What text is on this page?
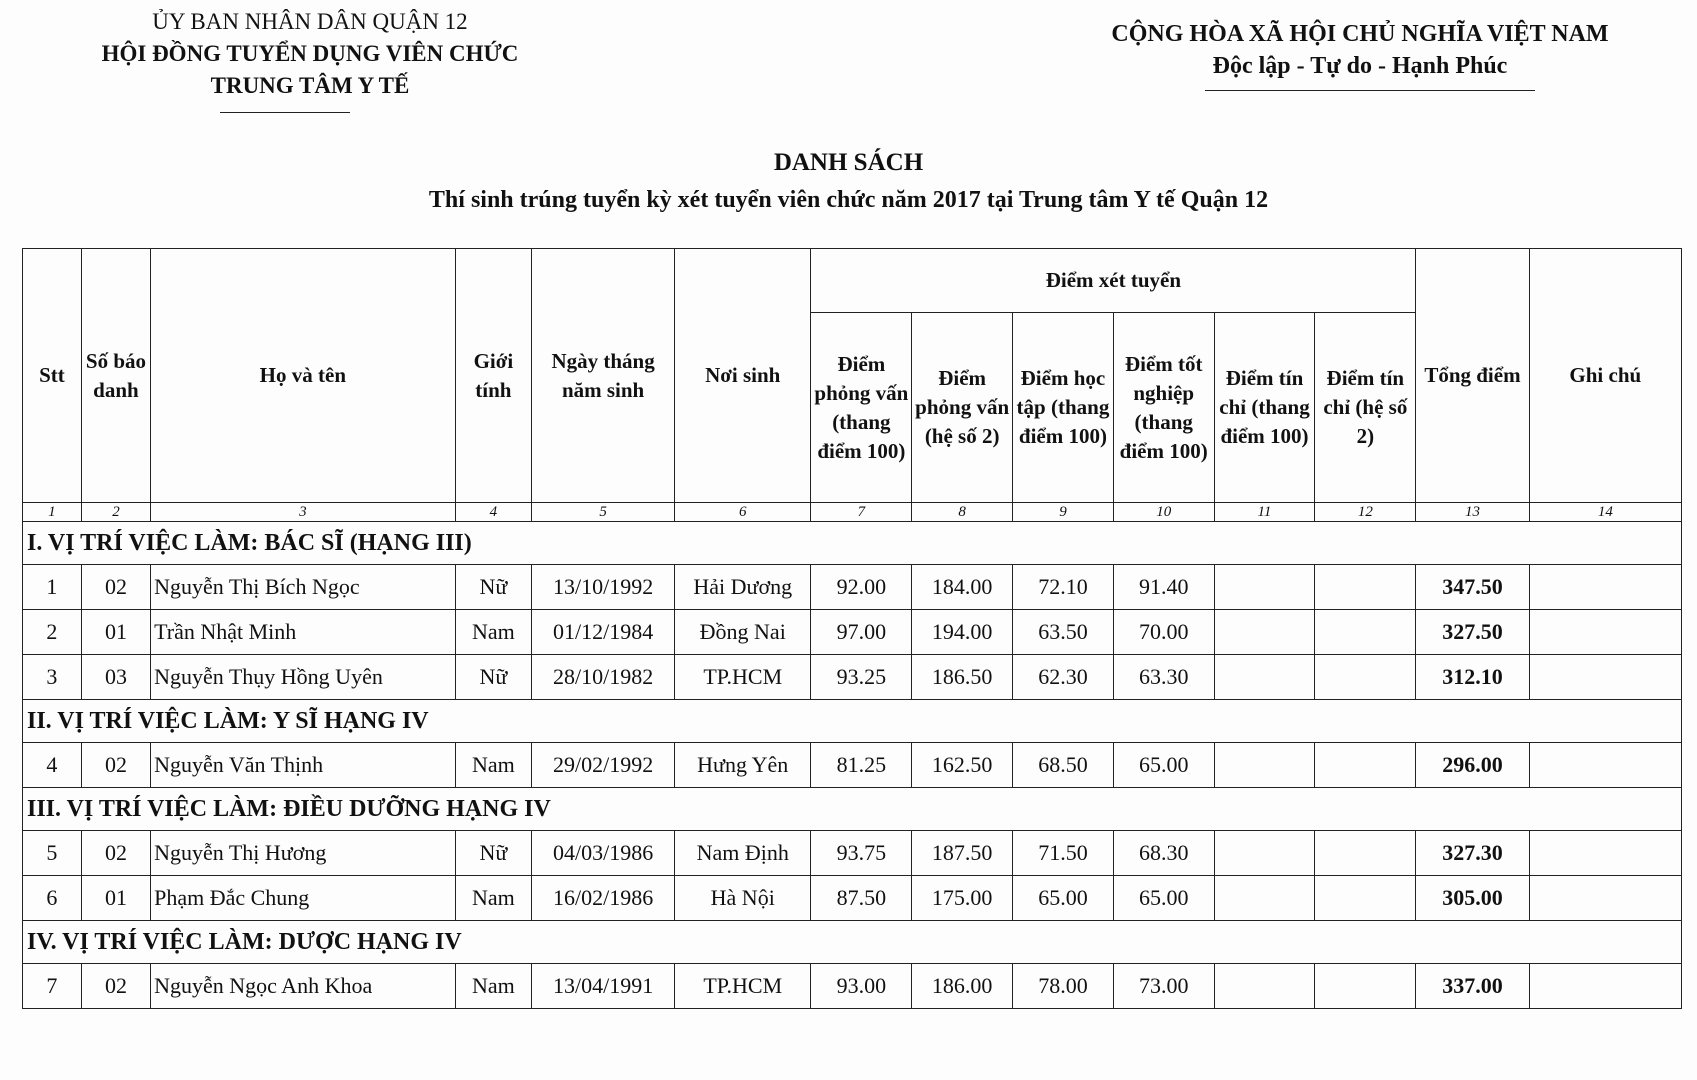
ỦY BAN NHÂN DÂN QUẬN 12
HỘI ĐỒNG TUYỂN DỤNG VIÊN CHỨC
TRUNG TÂM Y TẾ
CỘNG HÒA XÃ HỘI CHỦ NGHĨA VIỆT NAM
Độc lập - Tự do - Hạnh Phúc
DANH SÁCH
Thí sinh trúng tuyển kỳ xét tuyển viên chức năm 2017 tại Trung tâm Y tế Quận 12
Stt	Số báo danh	Họ và tên	Giới tính	Ngày tháng năm sinh	Nơi sinh	Điểm xét tuyển						Tổng điểm	Ghi chú
						Điểm phỏng vấn (thang điểm 100)	Điểm phỏng vấn (hệ số 2)	Điểm học tập (thang điểm 100)	Điểm tốt nghiệp (thang điểm 100)	Điểm tín chỉ (thang điểm 100)	Điểm tín chỉ (hệ số 2)		
1	2	3	4	5	6	7	8	9	10	11	12	13	14
I. VỊ TRÍ VIỆC LÀM: BÁC SĨ (HẠNG III)													
1	02	Nguyễn Thị Bích Ngọc	Nữ	13/10/1992	Hải Dương	92.00	184.00	72.10	91.40			347.50	
2	01	Trần Nhật Minh	Nam	01/12/1984	Đồng Nai	97.00	194.00	63.50	70.00			327.50	
3	03	Nguyễn Thụy Hồng Uyên	Nữ	28/10/1982	TP.HCM	93.25	186.50	62.30	63.30			312.10	
II. VỊ TRÍ VIỆC LÀM: Y SĨ HẠNG IV													
4	02	Nguyễn Văn Thịnh	Nam	29/02/1992	Hưng Yên	81.25	162.50	68.50	65.00			296.00	
III. VỊ TRÍ VIỆC LÀM: ĐIỀU DƯỠNG HẠNG IV													
5	02	Nguyễn Thị Hương	Nữ	04/03/1986	Nam Định	93.75	187.50	71.50	68.30			327.30	
6	01	Phạm Đắc Chung	Nam	16/02/1986	Hà Nội	87.50	175.00	65.00	65.00			305.00	
IV. VỊ TRÍ VIỆC LÀM: DƯỢC HẠNG IV													
7	02	Nguyễn Ngọc Anh Khoa	Nam	13/04/1991	TP.HCM	93.00	186.00	78.00	73.00			337.00	
